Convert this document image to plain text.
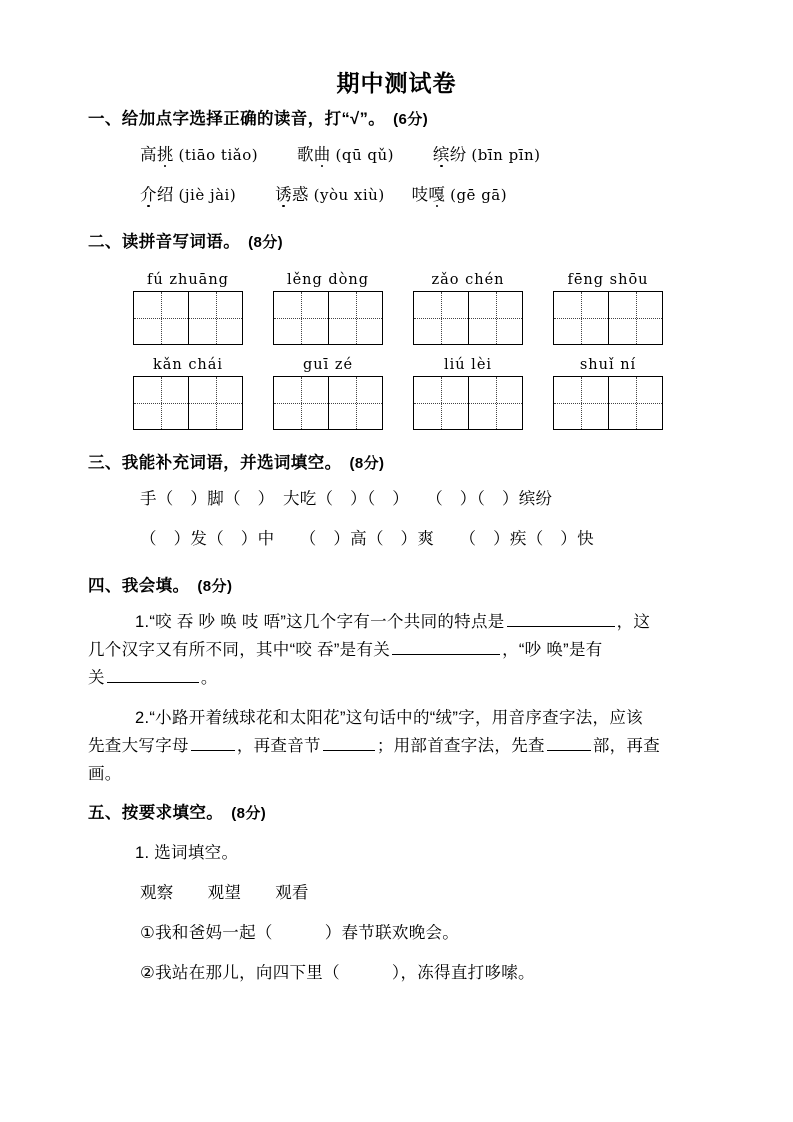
期中测试卷
一、给加点字选择正确的读音，打“√”。 (6分)
高挑 (tiāo tiǎo) 歌曲 (qū qǔ) 缤纷 (bīn pīn)
介绍 (jiè jài) 诱惑 (yòu xiù) 吱嘎 (gē gā)
二、读拼音写词语。 (8分)
fú zhuāng	lěng dòng	zǎo chén	fēng shōu
kǎn chái	guī zé	liú lèi	shuǐ ní
三、我能补充词语，并选词填空。 (8分)
手（　）脚（　）　大吃（　）（　）　　（　）（　）缤纷
（　）发（　）中　　（　）高（　）爽　　（　）疾（　）快
四、我会填。 (8分)
1.“咬 吞 吵 唤 吱 唔”这几个字有一个共同的特点是	，这
几个汉字又有所不同，其中“咬 吞”是有关	，“吵 唤”是有
关	。
2.“小路开着绒球花和太阳花”这句话中的“绒”字，用音序查字法，应该
先查大写字母	，再查音节	；用部首查字法，先查	部，再查
画。
五、按要求填空。 (8分)
1. 选词填空。
观察 观望 观看
①我和爸妈一起（	）春节联欢晚会。
②我站在那儿，向四下里（	），冻得直打哆嗦。
